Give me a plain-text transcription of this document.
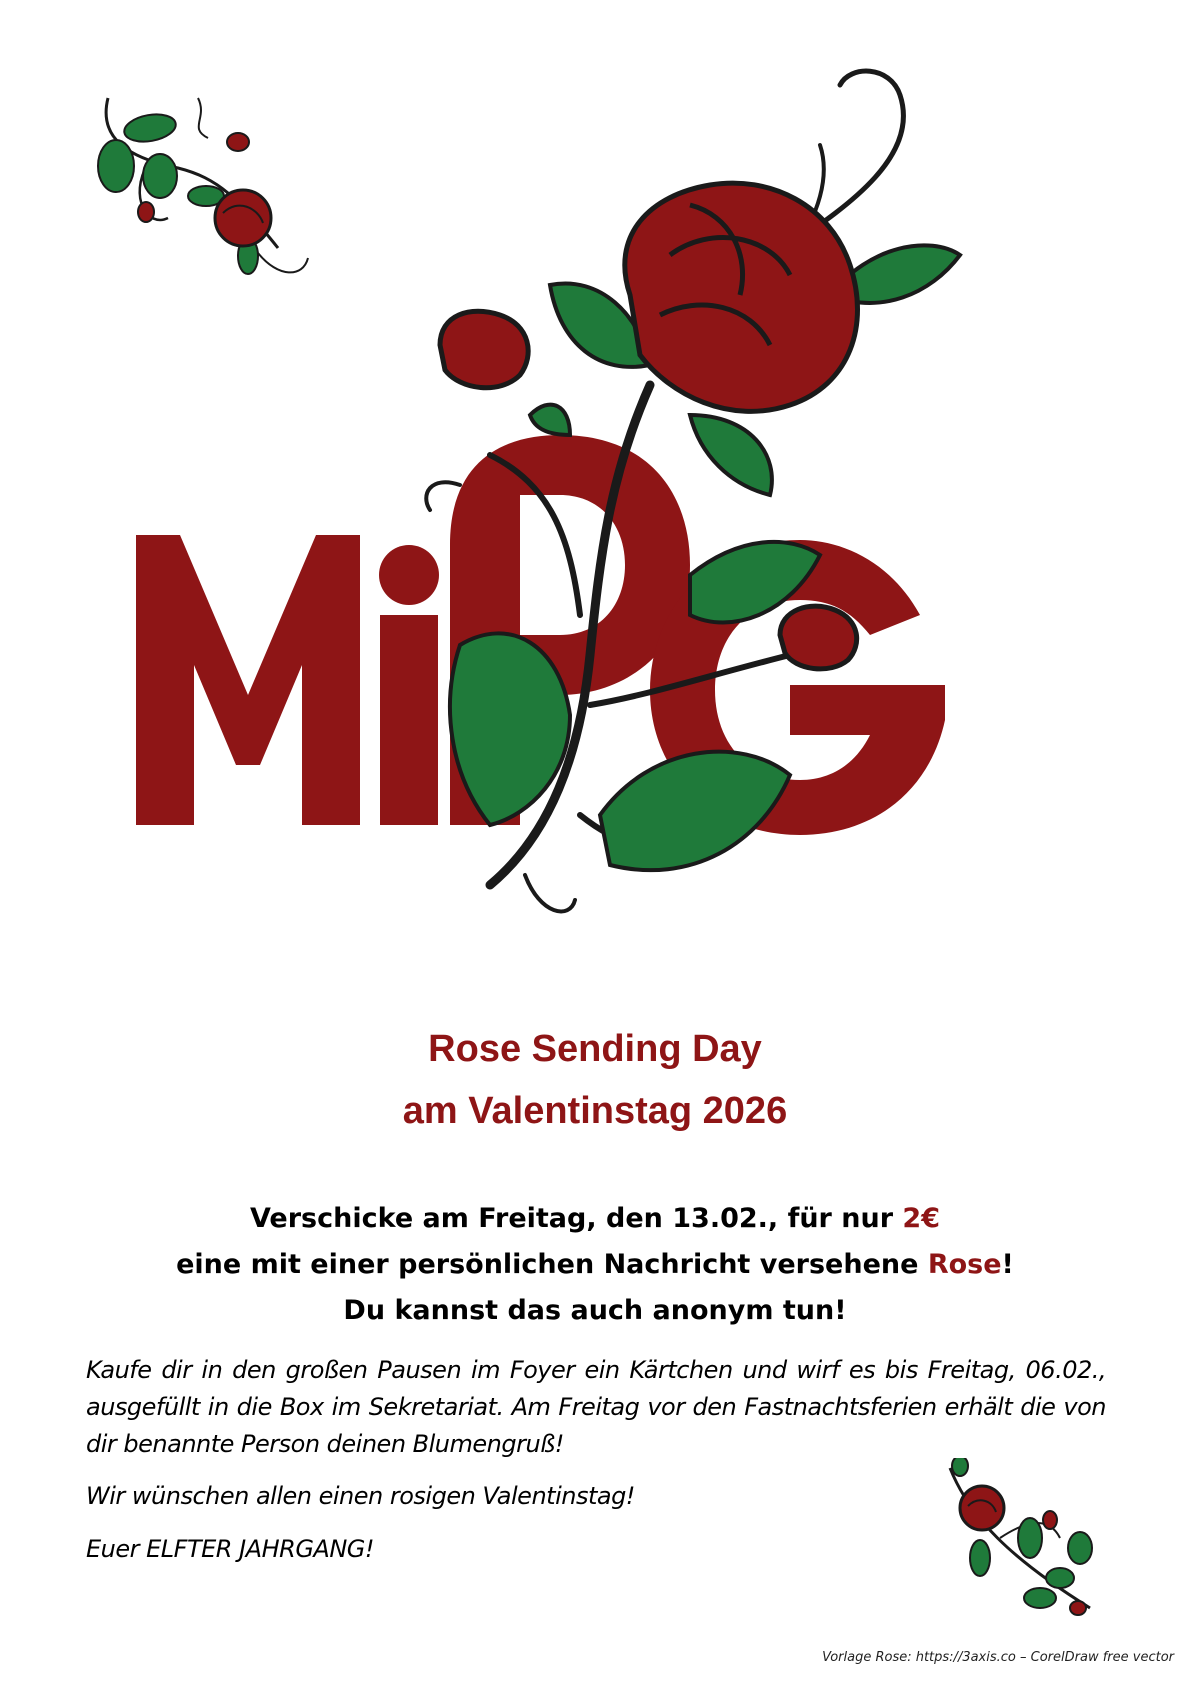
Rose Sending Day
am Valentinstag 2026
Verschicke am Freitag, den 13.02., für nur 2€
eine mit einer persönlichen Nachricht versehene Rose!
Du kannst das auch anonym tun!
Kaufe dir in den großen Pausen im Foyer ein Kärtchen und wirf es bis Freitag, 06.02., ausgefüllt in die Box im Sekretariat. Am Freitag vor den Fastnachtsferien erhält die von dir benannte Person deinen Blumengruß!
Wir wünschen allen einen rosigen Valentinstag!
Euer ELFTER JAHRGANG!
Vorlage Rose: https://3axis.co – CorelDraw free vector
